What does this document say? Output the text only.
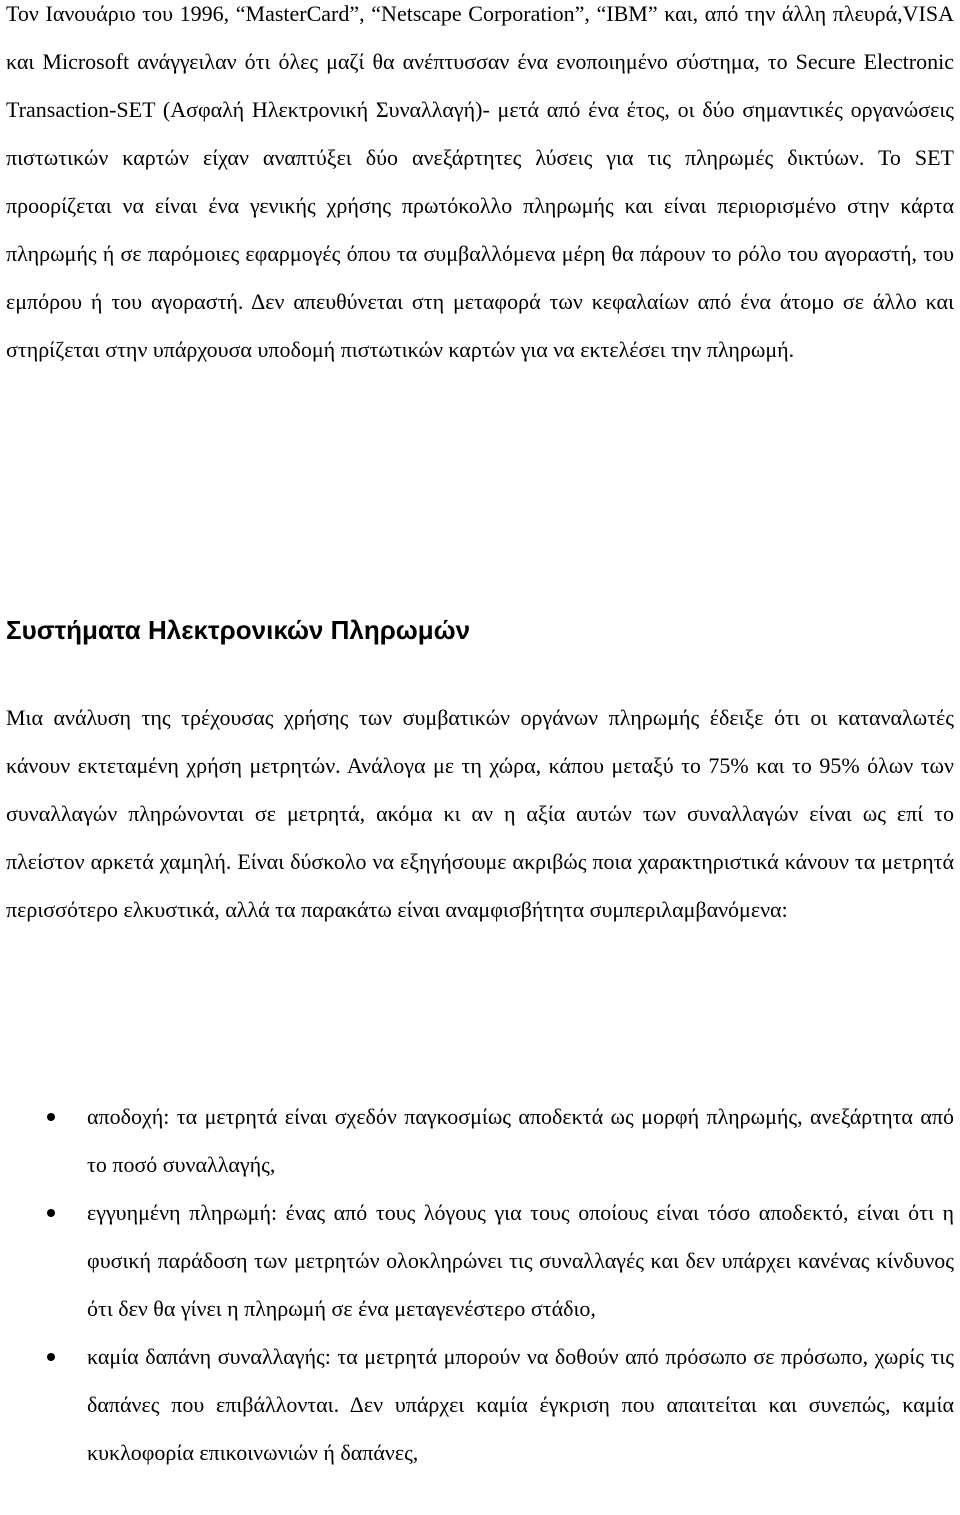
Τον Ιανουάριο του 1996, “MasterCard”, “Netscape Corporation”, “IBM” και, από την άλλη πλευρά,VISA και Microsoft ανάγγειλαν ότι όλες μαζί θα ανέπτυσσαν ένα ενοποιημένο σύστημα, το Secure Electronic Transaction-SET (Ασφαλή Ηλεκτρονική Συναλλαγή)- μετά από ένα έτος, οι δύο σημαντικές οργανώσεις πιστωτικών καρτών είχαν αναπτύξει δύο ανεξάρτητες λύσεις για τις πληρωμές δικτύων. Το SET προορίζεται να είναι ένα γενικής χρήσης πρωτόκολλο πληρωμής και είναι περιορισμένο στην κάρτα πληρωμής ή σε παρόμοιες εφαρμογές όπου τα συμβαλλόμενα μέρη θα πάρουν το ρόλο του αγοραστή, του εμπόρου ή του αγοραστή. Δεν απευθύνεται στη μεταφορά των κεφαλαίων από ένα άτομο σε άλλο και στηρίζεται στην υπάρχουσα υποδομή πιστωτικών καρτών για να εκτελέσει την πληρωμή.

Συστήματα Ηλεκτρονικών Πληρωμών

Μια ανάλυση της τρέχουσας χρήσης των συμβατικών οργάνων πληρωμής έδειξε ότι οι καταναλωτές κάνουν εκτεταμένη χρήση μετρητών. Ανάλογα με τη χώρα, κάπου μεταξύ το 75% και το 95% όλων των συναλλαγών πληρώνονται σε μετρητά, ακόμα κι αν η αξία αυτών των συναλλαγών είναι ως επί το πλείστον αρκετά χαμηλή. Είναι δύσκολο να εξηγήσουμε ακριβώς ποια χαρακτηριστικά κάνουν τα μετρητά περισσότερο ελκυστικά, αλλά τα παρακάτω είναι αναμφισβήτητα συμπεριλαμβανόμενα:

αποδοχή: τα μετρητά είναι σχεδόν παγκοσμίως αποδεκτά ως μορφή πληρωμής, ανεξάρτητα από το ποσό συναλλαγής,
εγγυημένη πληρωμή: ένας από τους λόγους για τους οποίους είναι τόσο αποδεκτό, είναι ότι η φυσική παράδοση των μετρητών ολοκληρώνει τις συναλλαγές και δεν υπάρχει κανένας κίνδυνος ότι δεν θα γίνει η πληρωμή σε ένα μεταγενέστερο στάδιο,
καμία δαπάνη συναλλαγής: τα μετρητά μπορούν να δοθούν από πρόσωπο σε πρόσωπο, χωρίς τις δαπάνες που επιβάλλονται. Δεν υπάρχει καμία έγκριση που απαιτείται και συνεπώς, καμία κυκλοφορία επικοινωνιών ή δαπάνες,
